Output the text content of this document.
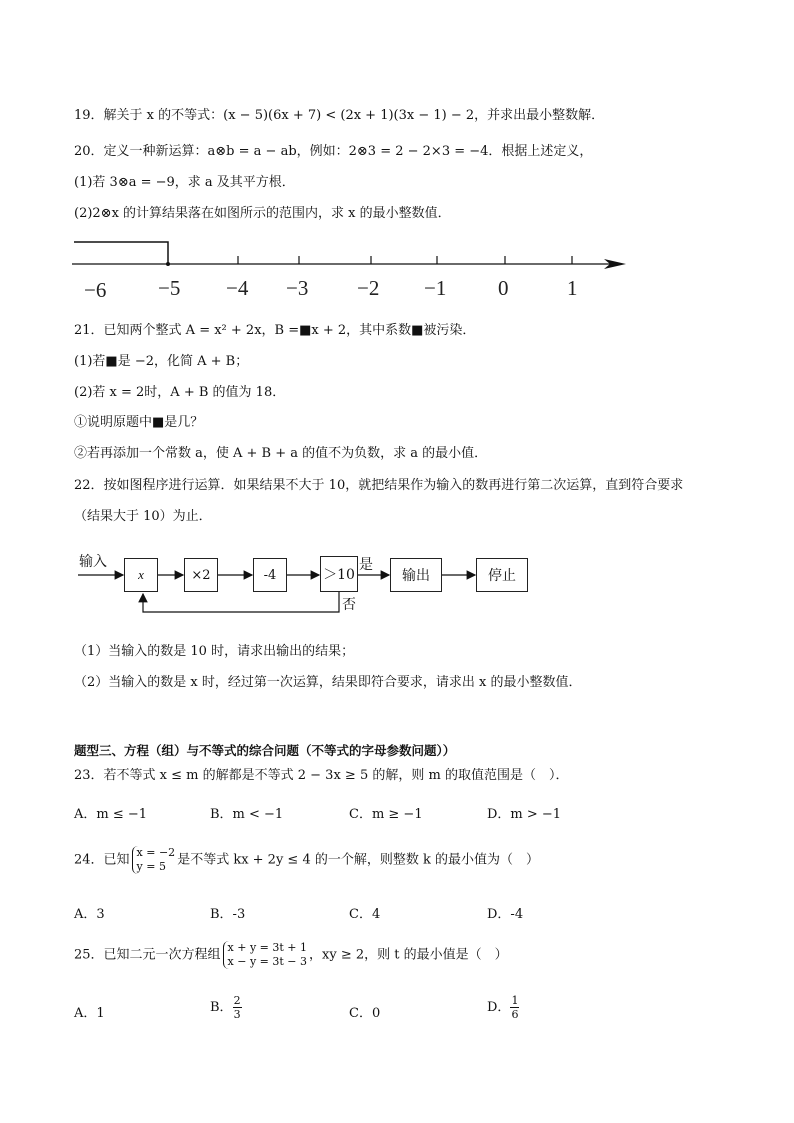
19．解关于 x 的不等式：(x − 5)(6x + 7) < (2x + 1)(3x − 1) − 2，并求出最小整数解．
20．定义一种新运算：a⊗b = a − ab，例如：2⊗3 = 2 − 2×3 = −4．根据上述定义，
(1)若 3⊗a = −9，求 a 及其平方根．
(2)2⊗x 的计算结果落在如图所示的范围内，求 x 的最小整数值．
−6 −5 −4 −3 −2 −1 0	1
21．已知两个整式 A = x² + 2x，B =■x + 2，其中系数■被污染．
(1)若■是 −2，化简 A + B；
(2)若 x = 2时，A + B 的值为 18．
①说明原题中■是几？
②若再添加一个常数 a，使 A + B + a 的值不为负数，求 a 的最小值．
22．按如图程序进行运算．如果结果不大于 10，就把结果作为输入的数再进行第二次运算，直到符合要求
（结果大于 10）为止．
输入
x	×2	-4	＞10
是
否
输出	停止
（1）当输入的数是 10 时，请求出输出的结果；
（2）当输入的数是 x 时，经过第一次运算，结果即符合要求，请求出 x 的最小整数值．
题型三、方程（组）与不等式的综合问题（不等式的字母参数问题））
23．若不等式 x ≤ m 的解都是不等式 2 − 3x ≥ 5 的解，则 m 的取值范围是（　）．
A．m ≤ −1	B．m < −1	C．m ≥ −1	D．m > −1
24．已知 x = −2
y = 5 是不等式 kx + 2y ≤ 4 的一个解，则整数 k 的最小值为（　）
A．3	B．-3	C．4	D．-4
25．已知二元一次方程组 x + y = 3t + 1
x − y = 3t − 3 ，xy ≥ 2，则 t 的最小值是（　）
A．1	B． $\frac{2}{3}$	C．0	D． $\frac{1}{6}$
